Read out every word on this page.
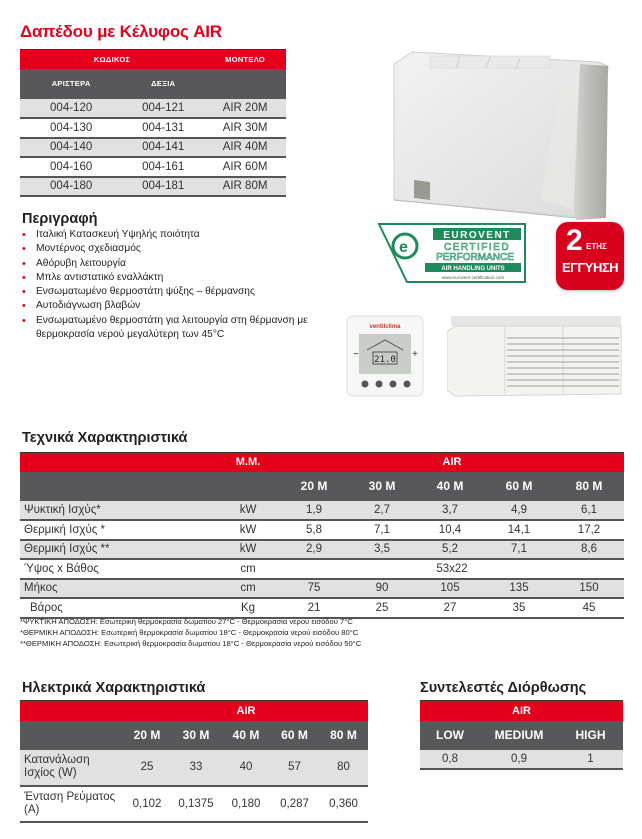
Δαπέδου με Κέλυφος AIR
ΚΩΔΙΚΟΣ		ΜΟΝΤΕΛΟ
ΑΡΙΣΤΕΡΑ	ΔΕΞΙΑ	
004-120	004-121	AIR 20M
004-130	004-131	AIR 30M
004-140	004-141	AIR 40M
004-160	004-161	AIR 60M
004-180	004-181	AIR 80M
Περιγραφή
• Ιταλική Κατασκευή Υψηλής ποιότητα
• Μοντέρνος σχεδιασμός
• Αθόρυβη λειτουργία
• Μπλε αντιστατικό εναλλάκτη
• Ενσωματωμένο θερμοστάτη ψύξης – θέρμανσης
• Αυτοδιάγνωση βλαβών
• Ενσωματωμένο θερμοστάτη για λειτουργία στη θέρμανση με θερμοκρασία νερού μεγαλύτερη των 45°C
e
EUROVENT
CERTIFIED
PERFORMANCE
AIR HANDLING UNITS
www.eurovent-certification.com
2 ΕΤΗΣ
ΕΓΓΥΗΣΗ
ventilclima
21.0
−	+
Τεχνικά Χαρακτηριστικά
	Μ.Μ.	AIR				
		20 M	30 M	40 M	60 M	80 M
Ψυκτική Ισχύς*	kW	1,9	2,7	3,7	4,9	6,1
Θερμική Ισχύς *	kW	5,8	7,1	10,4	14,1	17,2
Θερμική Ισχύς **	kW	2,9	3,5	5,2	7,1	8,6
Ύψος x Βάθος	cm	53x22				
Μήκος	cm	75	90	105	135	150
Βάρος	Kg	21	25	27	35	45
*ΨΥΚΤΙΚΗ ΑΠΟΔΟΣΗ: Εσωτερική θερμοκρασία δωματίου 27°C - Θερμοκρασία νερού εισόδου 7°C
*ΘΕΡΜΙΚΗ ΑΠΟΔΟΣΗ: Εσωτερική θερμοκρασία δωματίου 18°C - Θερμοκρασία νερού εισόδου 80°C
**ΘΕΡΜΙΚΗ ΑΠΟΔΟΣΗ: Εσωτερική θερμοκρασία δωματίου 18°C - Θερμοκρασία νερού εισόδου 50°C
Ηλεκτρικά Χαρακτηριστικά
	AIR				
	20 M	30 M	40 M	60 M	80 M
Κατανάλωση
Ισχίος (W)	25	33	40	57	80
Ένταση Ρεύματος
(A)	0,102	0,1375	0,180	0,287	0,360
Συντελεστές Διόρθωσης
AIR		
LOW	MEDIUM	HIGH
0,8	0,9	1
